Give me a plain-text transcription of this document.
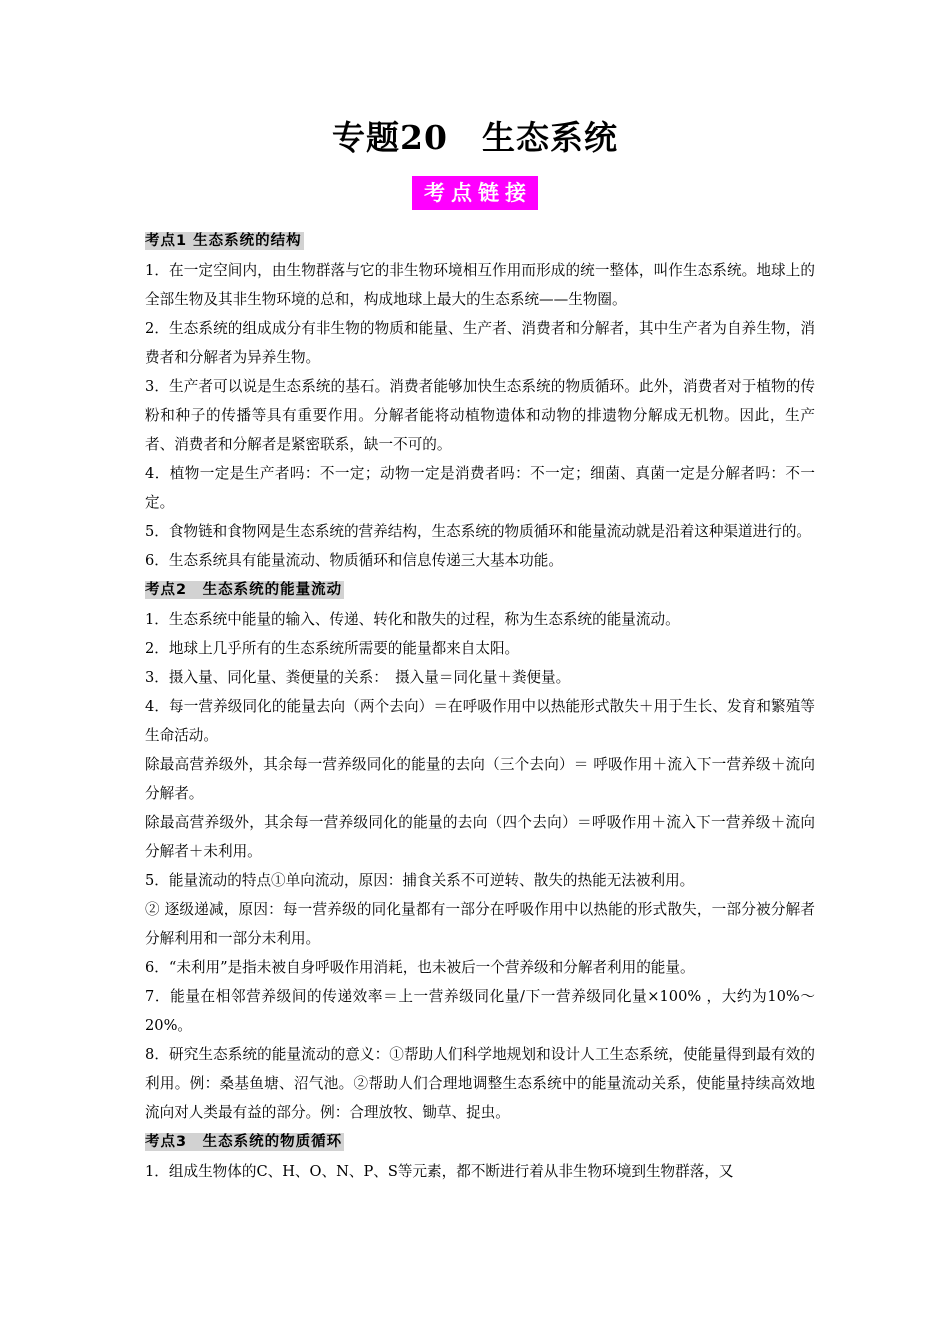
专题20　生态系统
考点链接
考点1 生态系统的结构

1．在一定空间内，由生物群落与它的非生物环境相互作用而形成的统一整体，叫作生态系统。地球上的全部生物及其非生物环境的总和，构成地球上最大的生态系统——生物圈。

2．生态系统的组成成分有非生物的物质和能量、生产者、消费者和分解者，其中生产者为自养生物，消费者和分解者为异养生物。

3．生产者可以说是生态系统的基石。消费者能够加快生态系统的物质循环。此外，消费者对于植物的传粉和种子的传播等具有重要作用。分解者能将动植物遗体和动物的排遗物分解成无机物。因此，生产者、消费者和分解者是紧密联系，缺一不可的。

4．植物一定是生产者吗：不一定；动物一定是消费者吗：不一定；细菌、真菌一定是分解者吗：不一定。

5．食物链和食物网是生态系统的营养结构，生态系统的物质循环和能量流动就是沿着这种渠道进行的。

6．生态系统具有能量流动、物质循环和信息传递三大基本功能。

考点2　生态系统的能量流动

1．生态系统中能量的输入、传递、转化和散失的过程，称为生态系统的能量流动。

2．地球上几乎所有的生态系统所需要的能量都来自太阳。

3．摄入量、同化量、粪便量的关系：　摄入量＝同化量＋粪便量。

4．每一营养级同化的能量去向（两个去向）＝在呼吸作用中以热能形式散失＋用于生长、发育和繁殖等生命活动。

除最高营养级外，其余每一营养级同化的能量的去向（三个去向）＝ 呼吸作用＋流入下一营养级＋流向分解者。

除最高营养级外，其余每一营养级同化的能量的去向（四个去向）＝呼吸作用＋流入下一营养级＋流向分解者＋未利用。

5．能量流动的特点①单向流动，原因：捕食关系不可逆转、散失的热能无法被利用。

② 逐级递减，原因：每一营养级的同化量都有一部分在呼吸作用中以热能的形式散失，一部分被分解者分解利用和一部分未利用。

6．“未利用”是指未被自身呼吸作用消耗，也未被后一个营养级和分解者利用的能量。

7．能量在相邻营养级间的传递效率＝上一营养级同化量/下一营养级同化量×100% ，大约为10%～20%。

8．研究生态系统的能量流动的意义：①帮助人们科学地规划和设计人工生态系统，使能量得到最有效的利用。例：桑基鱼塘、沼气池。②帮助人们合理地调整生态系统中的能量流动关系，使能量持续高效地流向对人类最有益的部分。例：合理放牧、锄草、捉虫。

考点3　生态系统的物质循环

1．组成生物体的C、H、O、N、P、S等元素，都不断进行着从非生物环境到生物群落，又
